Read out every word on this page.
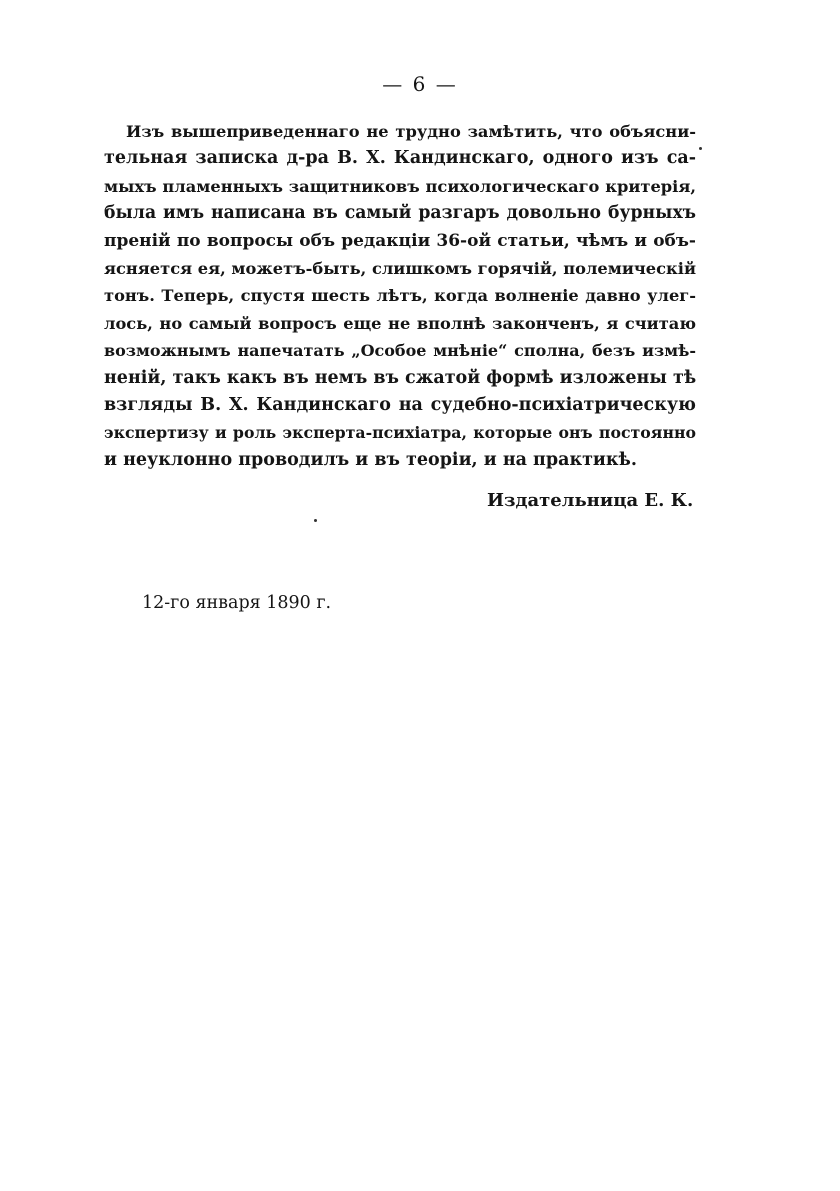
— 6 —
Изъ вышеприведеннаго не трудно замѣтить, что объясни-
тельная записка д-ра В. Х. Кандинскаго, одного изъ са-
мыхъ пламенныхъ защитниковъ психологическаго критерія,
была имъ написана въ самый разгаръ довольно бурныхъ
преній по вопросы объ редакціи 36-ой статьи, чѣмъ и объ-
ясняется ея, можетъ-быть, слишкомъ горячій, полемическій
тонъ. Теперь, спустя шесть лѣтъ, когда волненіе давно улег-
лось, но самый вопросъ еще не вполнѣ законченъ, я считаю
возможнымъ напечатать „Особое мнѣніе“ сполна, безъ измѣ-
неній, такъ какъ въ немъ въ сжатой формѣ изложены тѣ
взгляды В. Х. Кандинскаго на судебно-психіатрическую
экспертизу и роль эксперта-психіатра, которые онъ постоянно
и неуклонно проводилъ и въ теоріи, и на практикѣ.
Издательница Е. К.
12-го января 1890 г.
